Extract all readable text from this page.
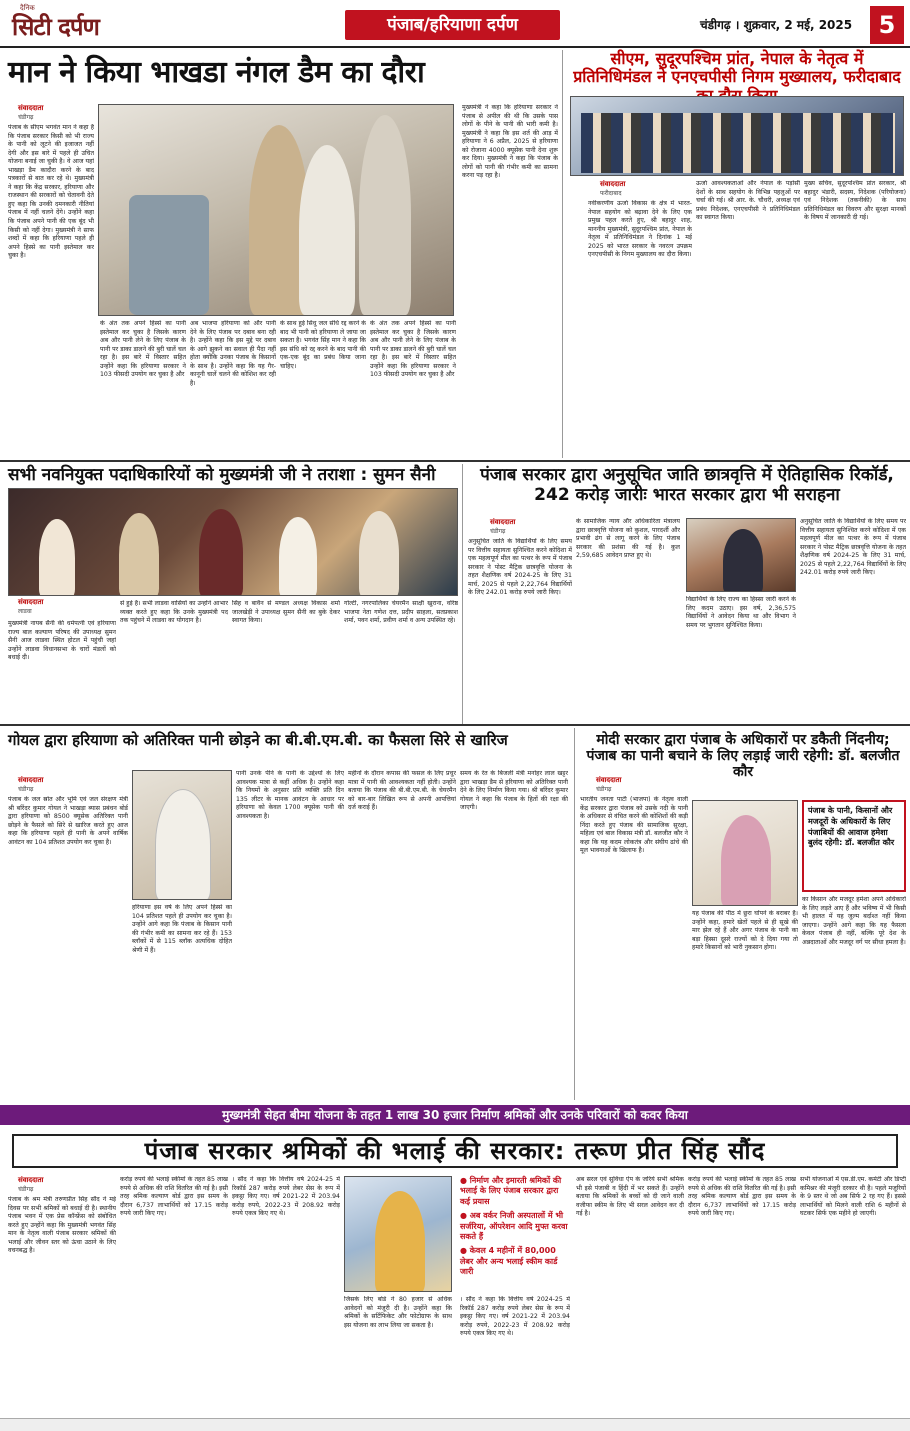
दैनिक
सिटी दर्पण	पंजाब/हरियाणा दर्पण	चंडीगढ़ । शुक्रवार, 2 मई, 2025	5
मान ने किया भाखडा नंगल डैम का दौरा
संवाददाता
चंडीगढ़
पंजाब के सीएम भगवंत मान ने कहा है कि पंजाब सरकार किसी को भी राज्य के पानी को लूटने की इजाजत नहीं देगी और इस बारे में पहले ही उचित योजना बनाई जा चुकी है। वे आज यहां भाखड़ा डैम कादौरा करने के बाद पत्रकारों से बात कर रहे थे। मुख्यमंत्री ने कहा कि केंद्र सरकार, हरियाणा और राजस्थान की सरकारों को चेतावनी देते हुए कहा कि उनकी दमनकारी नीतियां पंजाब में नहीं चलने देंगे। उन्होंने कहा कि पंजाब अपने पानी की एक बूंद भी किसी को नहीं देगा। मुख्यमंत्री ने साफ शब्दों में कहा कि हरियाणा पहले ही अपने हिस्से का पानी इस्तेमाल कर चुका है।
के अंत तक अपने हिस्से का पानी इस्तेमाल कर चुका है जिसके कारण अब और पानी लेने के लिए पंजाब के पानी पर डाका डालने की बुरी चालें चल रहा है। इस बारे में विस्तार सहित उन्होंने कहा कि हरियाणा सरकार ने 103 फीसदी उपयोग कर चुका है और
अब भाजपा हरियाणा को और पानी देने के लिए पंजाब पर दबाव बना रही है। उन्होंने कहा कि इस मुद्दे पर दबाव के आगे झुकने का सवाल ही पैदा नहीं होता क्योंकि उनका पंजाब के किसानों के साथ है। उन्होंने कहा कि यह गैर-कानूनी चालें चलने की कोशिश कर रही है।
के साथ हुई सिंधु जल संधि रद्द करने के बाद भी पानी को हरियाणा ले जाया जा सकता है। भगवंत सिंह मान ने कहा कि इस संधि को रद्द करने के बाद पानी की एक-एक बूंद का प्रबंध किया जाना चाहिए।
के अंत तक अपने हिस्से का पानी इस्तेमाल कर चुका है जिसके कारण अब और पानी लेने के लिए पंजाब के पानी पर डाका डालने की बुरी चालें चल रहा है। इस बारे में विस्तार सहित उन्होंने कहा कि हरियाणा सरकार ने 103 फीसदी उपयोग कर चुका है और
मुख्यमंत्री ने कहा कि हरियाणा सरकार ने पंजाब से अपील की थी कि उसके पास लोगों के पीने के पानी की भारी कमी है। मुख्यमंत्री ने कहा कि इस शर्त की आड़ में हरियाणा ने 6 अप्रैल, 2025 से हरियाणा को रोजाना 4000 क्यूसेक पानी देना शुरू कर दिया। मुख्यमंत्री ने कहा कि पंजाब के लोगों को पानी की गंभीर कमी का सामना करना पड़ रहा है।
सीएम, सुदूरपश्चिम प्रांत, नेपाल के नेतृत्व में प्रतिनिधिमंडल ने एनएचपीसी निगम मुख्यालय, फरीदाबाद
संवाददाता
फरीदाबाद
नवीकरणीय ऊर्जा विकास के क्षेत्र में भारत-नेपाल सहयोग को बढ़ावा देने के लिए एक प्रमुख पहल करते हुए, श्री बहादुर शाह, माननीय मुख्यमंत्री, सुदूरपश्चिम प्रांत, नेपाल के नेतृत्व में प्रतिनिधिमंडल ने दिनांक 1 मई 2025 को भारत सरकार के नवरत्न उपक्रम एनएचपीसी के निगम मुख्यालय का दौरा किया।
ऊर्जा आवश्यकताओं और नेपाल के पड़ोसी देशों के साथ सहयोग के विभिन्न पहलुओं पर चर्चा की गई। श्री आर. के. चौधरी, अध्यक्ष एवं प्रबंध निदेशक, एनएचपीसी ने प्रतिनिधिमंडल का स्वागत किया।
मुख्य सचिव, सुदूरपश्चिम प्रांत सरकार, श्री बहादुर भंडारी, सदस्य, निदेशक (परियोजना) एवं निदेशक (तकनीकी) के साथ प्रतिनिधिमंडल का विवरण और सुरक्षा मानकों के विषय में जानकारी दी गई।
सभी नवनियुक्त पदाधिकारियों को मुख्यमंत्री जी ने तराशा : सुमन सैनी
संवाददाता
लाडवा
मुख्यमंत्री नायब सैनी की धर्मपत्नी एवं हरियाणा राज्य बाल कल्याण परिषद की उपाध्यक्ष सुमन सैनी आज लाडवा स्थित होटल में पहुंची जहां उन्होंने लाडवा विधानसभा के चारों मंडलों को बधाई दी।
से हुई है। सभी लाडवा वासियों का उन्होंने आभार व्यक्त करते हुए कहा कि उनके मुख्यमंत्री पद तक पहुंचने में लाडवा का योगदान है।
सिंह व बावैन से मण्डल अध्यक्ष विकास शर्मा जालखेड़ी ने उपाध्यक्ष सुमन सैनी का बुके देकर स्वागत किया।
गोल्टी, नगरपालिका चेयरमैन साक्षी खुराना, वरिष्ठ भाजपा नेता गणेश दत्त, प्रदीप साहला, सतप्रकाश शर्मा, पवन शर्मा, प्रवीण शर्मा व अन्य उपस्थित रहे।
पंजाब सरकार द्वारा अनुसूचित जाति छात्रवृत्ति में ऐतिहासिक रिकॉर्ड, 242 करोड़ जारीः भारत सरकार द्वारा भी सराहना
संवाददाता
चंडीगढ़
अनुसूचित जाति के विद्यार्थियों के लिए समय पर वित्तीय सहायता सुनिश्चित करने कोदिशा में एक महत्वपूर्ण मील का पत्थर के रूप में पंजाब सरकार ने पोस्ट मैट्रिक छात्रवृत्ति योजना के तहत शैक्षणिक वर्ष 2024-25 के लिए 31 मार्च, 2025 से पहले 2,22,764 विद्यार्थियों के लिए 242.01 करोड़ रुपये जारी किए।
के सामाजिक न्याय और अधिकारिता मंत्रालय द्वारा छात्रवृत्ति योजना को कुशल, पारदर्शी और प्रभावी ढंग से लागू करने के लिए पंजाब सरकार की प्रशंसा की गई है। कुल 2,59,685 आवेदन प्राप्त हुए थे।
विद्यार्थियों के लिए राज्य का हिस्सा जारी करने के लिए कदम उठाए। इस वर्ष, 2,36,575 विद्यार्थियों ने आवेदन किया था और विभाग ने समय पर भुगतान सुनिश्चित किया।
अनुसूचित जाति के विद्यार्थियों के लिए समय पर वित्तीय सहायता सुनिश्चित करने कोदिशा में एक महत्वपूर्ण मील का पत्थर के रूप में पंजाब सरकार ने पोस्ट मैट्रिक छात्रवृत्ति योजना के तहत शैक्षणिक वर्ष 2024-25 के लिए 31 मार्च, 2025 से पहले 2,22,764 विद्यार्थियों के लिए 242.01 करोड़ रुपये जारी किए।
गोयल द्वारा हरियाणा को अतिरिक्त पानी छोड़ने का बी.बी.एम.बी. का फैसला सिरे से खारिज
संवाददाता
चंडीगढ़
पंजाब के जल स्रोत और भूमि एवं जल संरक्षण मंत्री श्री बरिंदर कुमार गोयल ने भाखड़ा ब्यास प्रबंधन बोर्ड द्वारा हरियाणा को 8500 क्यूसेक अतिरिक्त पानी छोड़ने के फैसले को सिरे से खारिज करते हुए आज कहा कि हरियाणा पहले ही पानी के अपने वार्षिक आवंटन का 104 प्रतिशत उपयोग कर चुका है।
हरियाणा इस वर्ष के लिए अपने हिस्से का 104 प्रतिशत पहले ही उपयोग कर चुका है। उन्होंने आगे कहा कि पंजाब के किसान पानी की गंभीर कमी का सामना कर रहे हैं। 153 ब्लॉकों में से 115 ब्लॉक अत्यधिक दोहित श्रेणी में हैं।
पानी उनके पीने के पानी के उद्देश्यों के लिए आवश्यक मात्रा से कहीं अधिक है। उन्होंने कहा कि नियमों के अनुसार प्रति व्यक्ति प्रति दिन 135 लीटर के मानक आवंटन के आधार पर हरियाणा को केवल 1700 क्यूसेक पानी की आवश्यकता है।
महीनों के दौरान कपास की फसल के लिए प्रचुर मात्रा में पानी की आवश्यकता नहीं होती। उन्होंने बताया कि पंजाब की बी.बी.एम.बी. के चेयरमैन को बार-बार लिखित रूप से अपनी आपत्तियां दर्ज कराई हैं।
समय के रेत के बिजली मंत्री मनोहर लाल खट्टर द्वारा भाखड़ा डैम से हरियाणा को अतिरिक्त पानी देने के लिए निर्माण किया गया। श्री बरिंदर कुमार गोयल ने कहा कि पंजाब के हितों की रक्षा की जाएगी।
मोदी सरकार द्वारा पंजाब के अधिकारों पर डकैती निंदनीय; पंजाब का पानी बचाने के लिए लड़ाई जारी रहेगी: डॉ. बलजीत कौर
संवाददाता
चंडीगढ़
भारतीय जनता पार्टी (भाजपा) के नेतृत्व वाली केंद्र सरकार द्वारा पंजाब को उसके नदी के पानी के अधिकार से वंचित करने की कोशिशों की कड़ी निंदा करते हुए पंजाब की सामाजिक सुरक्षा, महिला एवं बाल विकास मंत्री डॉ. बलजीत कौर ने कहा कि यह कदम लोकतंत्र और संघीय ढांचे की मूल भावनाओं के खिलाफ है।
यह पंजाब की पीठ में छुरा घोंपने के बराबर है। उन्होंने कहा, हमारे खेतों पहले से ही सूखे की मार झेल रहे हैं और अगर पंजाब के पानी का बड़ा हिस्सा दूसरे राज्यों को दे दिया गया तो हमारे किसानों को भारी नुकसान होगा।
पंजाब के पानी, किसानों और मजदूरों के अधिकारों के लिए पंजाबियों की आवाज हमेशा बुलंद रहेगी: डॉ. बलजीत कौर
का किसान और मजदूर हमेशा अपने अधिकारों के लिए लड़ते आए हैं और भविष्य में भी किसी भी हालत में यह जुल्म बर्दाश्त नहीं किया जाएगा। उन्होंने आगे कहा कि यह फैसला केवल पंजाब ही नहीं, बल्कि पूरे देश के अन्नदाताओं और मजदूर वर्ग पर सीधा हमला है।
मुख्यमंत्री सेहत बीमा योजना के तहत 1 लाख 30 हजार निर्माण श्रमिकों और उनके परिवारों को कवर किया
पंजाब सरकार श्रमिकों की भलाई की सरकार: तरूण प्रीत सिंह सौंद
संवाददाता
चंडीगढ़
पंजाब के श्रम मंत्री तरुणप्रीत सिंह सौंद ने मई दिवस पर सभी श्रमिकों को बधाई दी है। स्थानीय पंजाब भवन में एक प्रेस कॉन्फ्रेंस को संबोधित करते हुए उन्होंने कहा कि मुख्यमंत्री भगवंत सिंह मान के नेतृत्व वाली पंजाब सरकार श्रमिकों की भलाई और जीवन स्तर को ऊंचा उठाने के लिए वचनबद्ध है।
करोड़ रुपये की भलाई स्कीमों के तहत 85 लाख रुपये से अधिक की राशि वितरित की गई है। इसी तरह श्रमिक कल्याण बोर्ड द्वारा इस समय के दौरान 6,737 लाभार्थियों को 17.15 करोड़ रुपये जारी किए गए।
। सौंद ने कहा कि वित्तीय वर्ष 2024-25 में रिकॉर्ड 287 करोड़ रुपये लेबर सेस के रूप में इकट्ठा किए गए। वर्ष 2021-22 में 203.94 करोड़ रुपये, 2022-23 में 208.92 करोड़ रुपये एकत्र किए गए थे।
● निर्माण और इमारती श्रमिकों की भलाई के लिए पंजाब सरकार द्वारा कई प्रयास
● अब वर्कर निजी अस्पतालों में भी सर्जरिया, ऑपरेशन आदि मुफ्त करवा सकते हैं
● केवल 4 महीनों में 80,000 लेबर और अन्य भलाई स्कीम कार्ड जारी
जिसके लिए बोर्ड ने 80 हजार से अधिक आवेदनों को मंजूरी दी है। उन्होंने कहा कि श्रमिकों के सर्टिफिकेट और फोटोग्राफ के साथ इस योजना का लाभ लिया जा सकता है।
। सौंद ने कहा कि वित्तीय वर्ष 2024-25 में रिकॉर्ड 287 करोड़ रुपये लेबर सेस के रूप में इकट्ठा किए गए। वर्ष 2021-22 में 203.94 करोड़ रुपये, 2022-23 में 208.92 करोड़ रुपये एकत्र किए गए थे।
अब सरल एवं सुविधा ऐप के जरिये सभी श्रमिक भी इसे पंजाबी व हिंदी में भर सकते हैं। उन्होंने बताया कि श्रमिकों के बच्चों को दी जाने वाली वजीफा स्कीम के लिए भी सरल आवेदन कर दी गई है।
करोड़ रुपये की भलाई स्कीमों के तहत 85 लाख रुपये से अधिक की राशि वितरित की गई है। इसी तरह श्रमिक कल्याण बोर्ड द्वारा इस समय के दौरान 6,737 लाभार्थियों को 17.15 करोड़ रुपये जारी किए गए।
सभी योजनाओं में एस.डी.एम. कमेटी और डिप्टी कमिश्नर की मंजूरी दरकार थी है। पहले मजूरियों के 9 स्तर थे जो अब सिर्फ 2 रह गए हैं। इससे लाभार्थियों को मिलने वाली राशि 6 महीनों से घटकर सिर्फ एक महीने हो जाएगी।
